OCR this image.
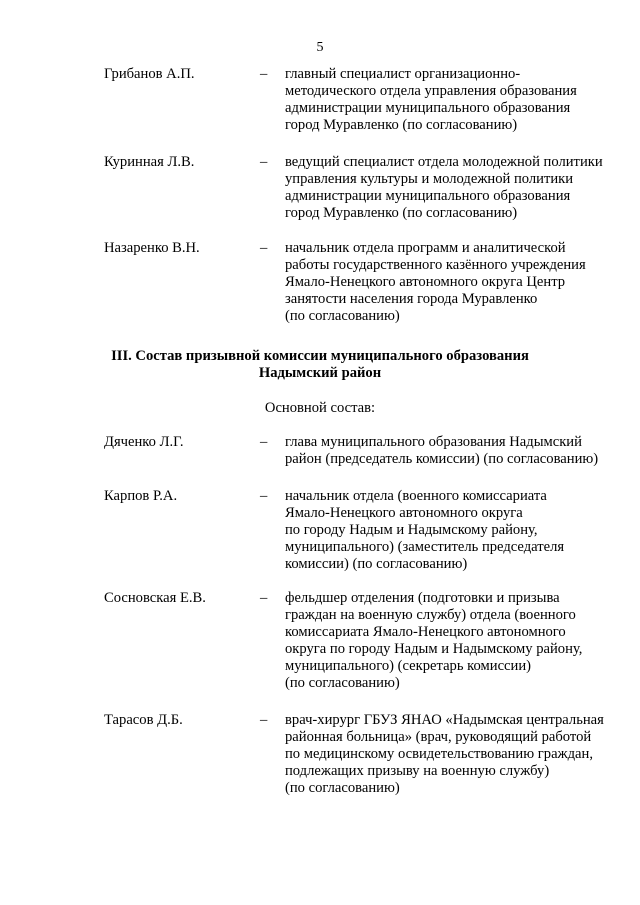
5
Грибанов А.П.	– главный специалист организационно-
методического отдела управления образования
администрации муниципального образования
город Муравленко (по согласованию)
Куринная Л.В.	– ведущий специалист отдела молодежной политики
управления культуры и молодежной политики
администрации муниципального образования
город Муравленко (по согласованию)
Назаренко В.Н.	– начальник отдела программ и аналитической
работы государственного казённого учреждения
Ямало-Ненецкого автономного округа Центр
занятости населения города Муравленко
(по согласованию)
III. Состав призывной комиссии муниципального образования
Надымский район
Основной состав:
Дяченко Л.Г.	– глава муниципального образования Надымский
район (председатель комиссии) (по согласованию)
Карпов Р.А.	– начальник отдела (военного комиссариата
Ямало-Ненецкого автономного округа
по городу Надым и Надымскому району,
муниципального) (заместитель председателя
комиссии) (по согласованию)
Сосновская Е.В.	– фельдшер отделения (подготовки и призыва
граждан на военную службу) отдела (военного
комиссариата Ямало-Ненецкого автономного
округа по городу Надым и Надымскому району,
муниципального) (секретарь комиссии)
(по согласованию)
Тарасов Д.Б.	– врач-хирург ГБУЗ ЯНАО «Надымская центральная
районная больница» (врач, руководящий работой
по медицинскому освидетельствованию граждан,
подлежащих призыву на военную службу)
(по согласованию)
